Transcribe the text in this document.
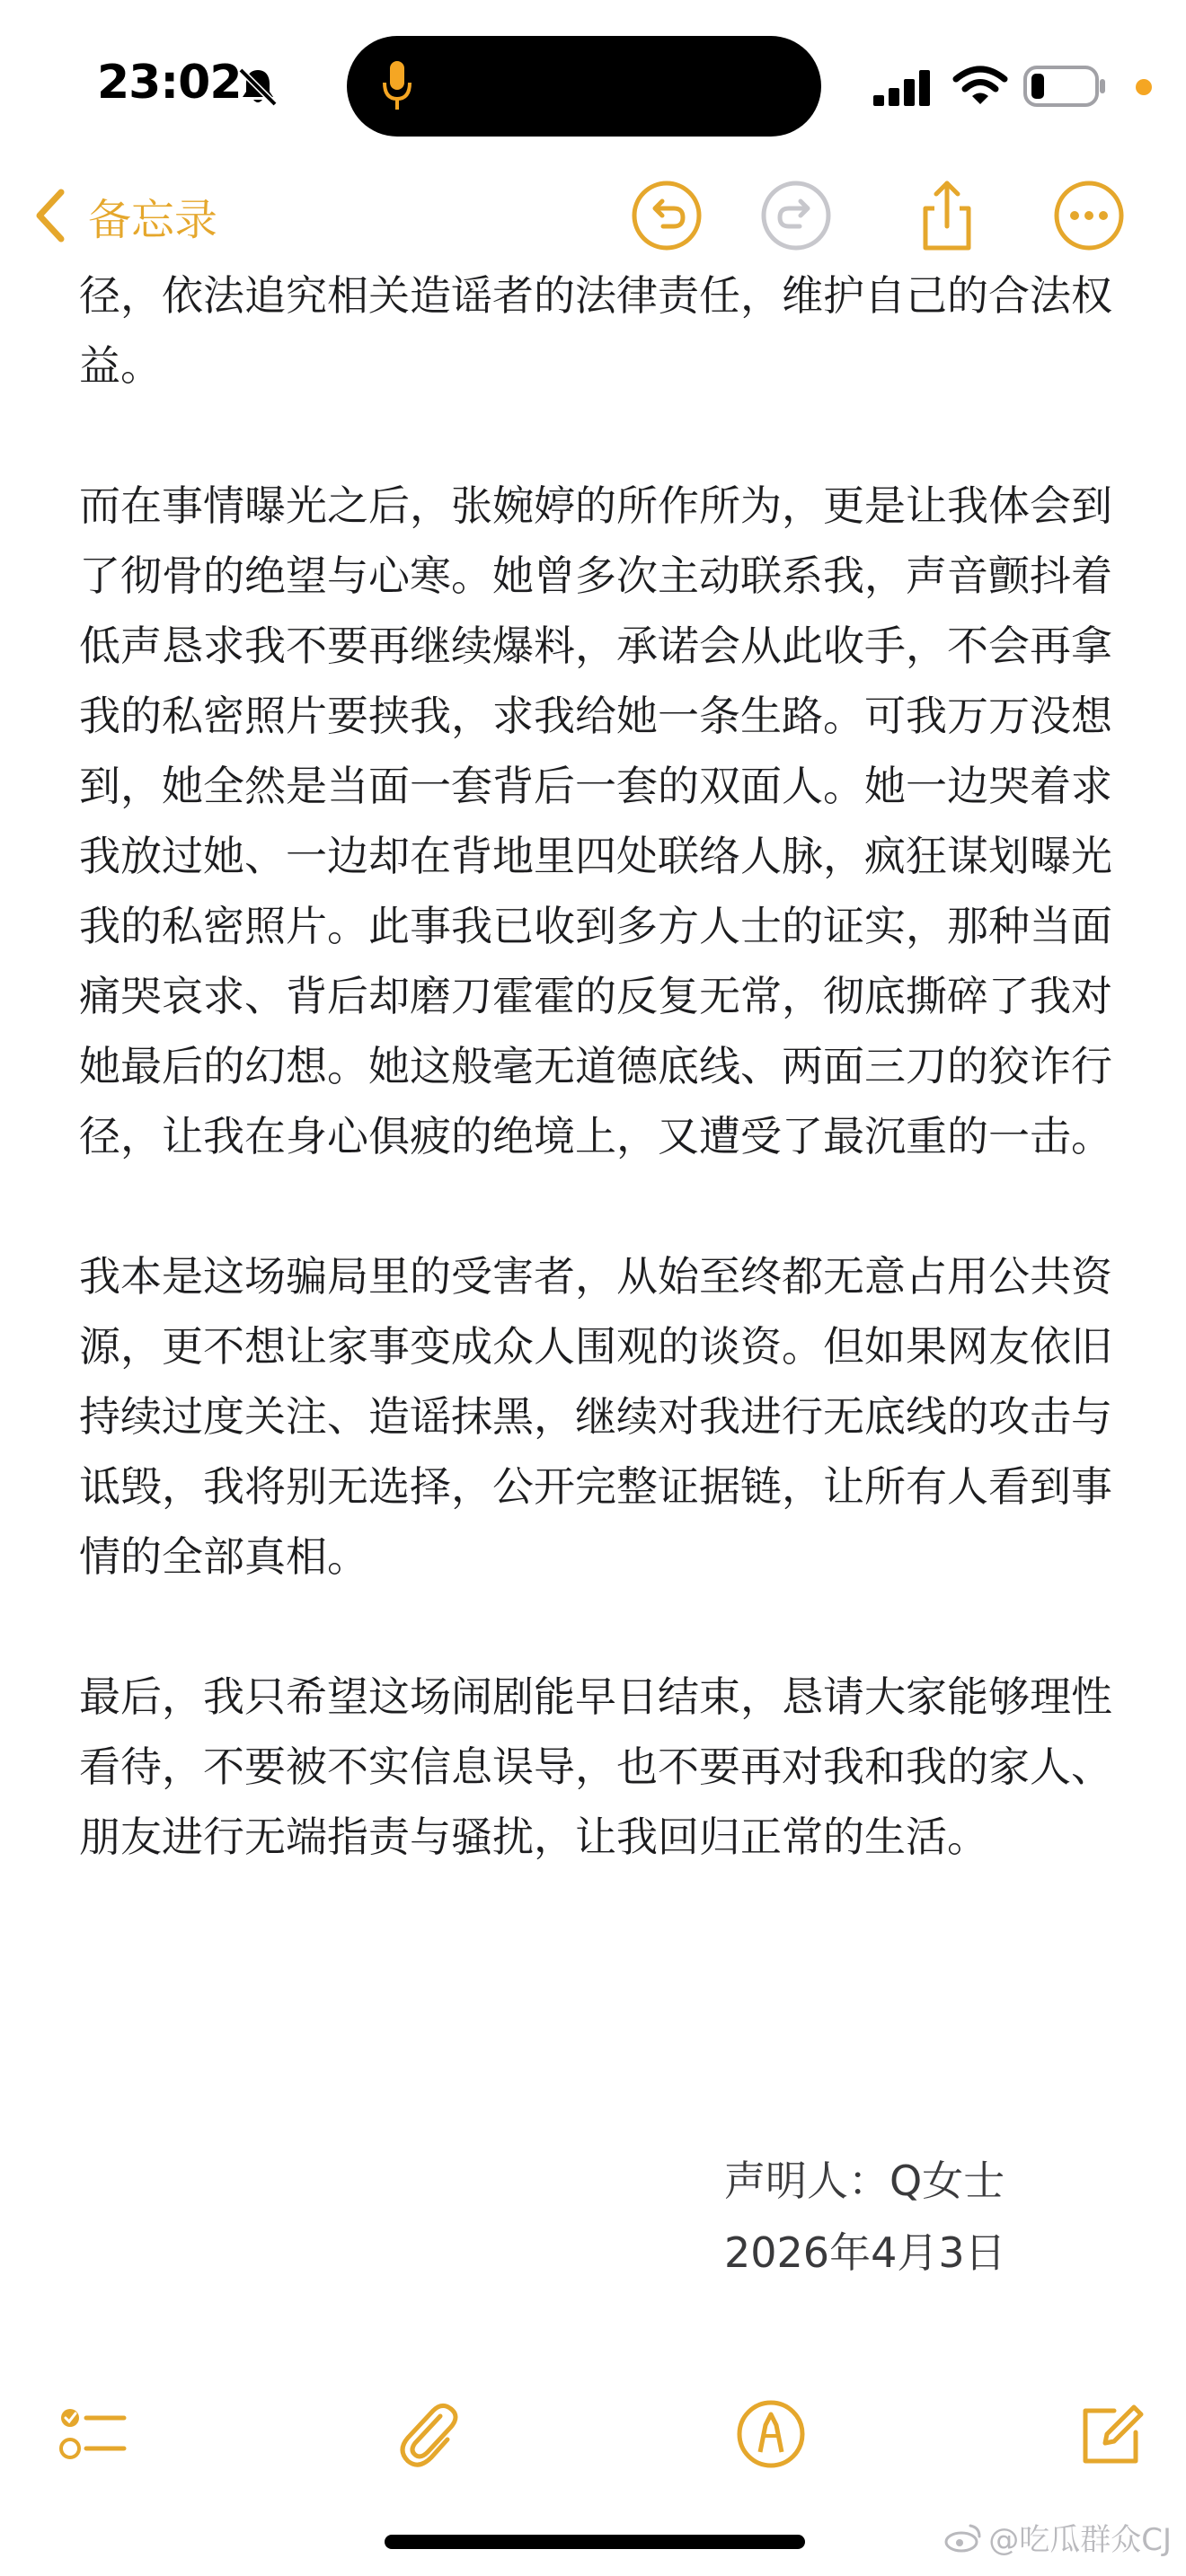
23:02
备忘录

径，依法追究相关造谣者的法律责任，维护自己的合法权益。

而在事情曝光之后，张婉婷的所作所为，更是让我体会到了彻骨的绝望与心寒。她曾多次主动联系我，声音颤抖着低声恳求我不要再继续爆料，承诺会从此收手，不会再拿我的私密照片要挟我，求我给她一条生路。可我万万没想到，她全然是当面一套背后一套的双面人。她一边哭着求我放过她、一边却在背地里四处联络人脉，疯狂谋划曝光我的私密照片。此事我已收到多方人士的证实，那种当面痛哭哀求、背后却磨刀霍霍的反复无常，彻底撕碎了我对她最后的幻想。她这般毫无道德底线、两面三刀的狡诈行径，让我在身心俱疲的绝境上，又遭受了最沉重的一击。

我本是这场骗局里的受害者，从始至终都无意占用公共资源，更不想让家事变成众人围观的谈资。但如果网友依旧持续过度关注、造谣抹黑，继续对我进行无底线的攻击与诋毁，我将别无选择，公开完整证据链，让所有人看到事情的全部真相。

最后，我只希望这场闹剧能早日结束，恳请大家能够理性看待，不要被不实信息误导，也不要再对我和我的家人、朋友进行无端指责与骚扰，让我回归正常的生活。

声明人：Q女士
2026年4月3日
@吃瓜群众CJ
